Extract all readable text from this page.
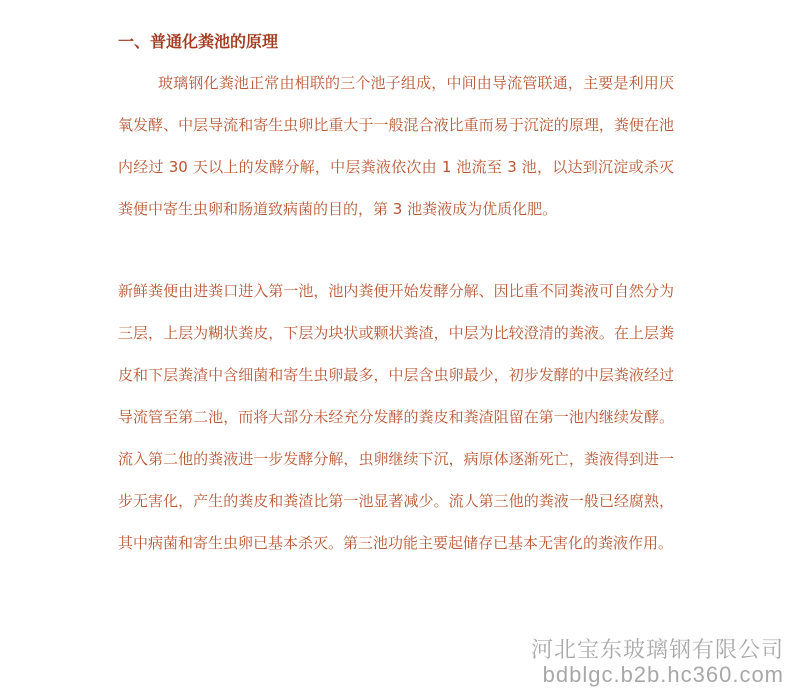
一、普通化粪池的原理

玻璃钢化粪池正常由相联的三个池子组成，中间由导流管联通，主要是利用厌氧发酵、中层导流和寄生虫卵比重大于一般混合液比重而易于沉淀的原理，粪便在池内经过 30 天以上的发酵分解，中层粪液依次由 1 池流至 3 池，以达到沉淀或杀灭粪便中寄生虫卵和肠道致病菌的目的，第 3 池粪液成为优质化肥。

新鲜粪便由进粪口进入第一池，池内粪便开始发酵分解、因比重不同粪液可自然分为三层，上层为糊状粪皮，下层为块状或颗状粪渣，中层为比较澄清的粪液。在上层粪皮和下层粪渣中含细菌和寄生虫卵最多，中层含虫卵最少，初步发酵的中层粪液经过导流管至第二池，而将大部分未经充分发酵的粪皮和粪渣阻留在第一池内继续发酵。流入第二他的粪液进一步发酵分解，虫卵继续下沉，病原体逐渐死亡，粪液得到进一步无害化，产生的粪皮和粪渣比第一池显著减少。流人第三他的粪液一般已经腐熟，其中病菌和寄生虫卵已基本杀灭。第三池功能主要起储存已基本无害化的粪液作用。

河北宝东玻璃钢有限公司
bdblgc.b2b.hc360.com
